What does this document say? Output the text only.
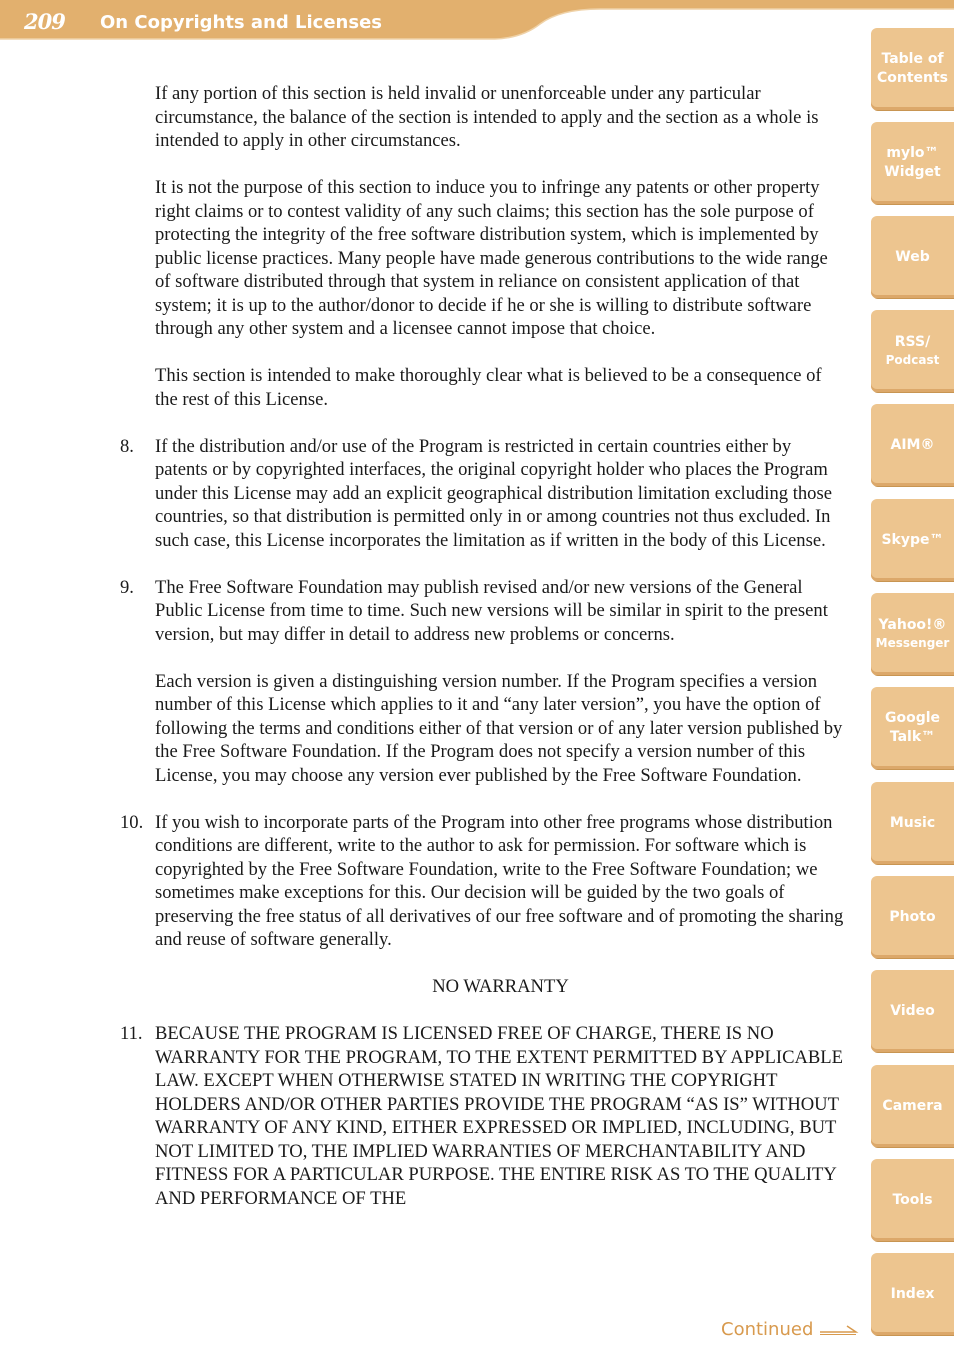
209 On Copyrights and Licenses

If any portion of this section is held invalid or unenforceable under any particular circumstance, the balance of the section is intended to apply and the section as a whole is intended to apply in other circumstances.

It is not the purpose of this section to induce you to infringe any patents or other property right claims or to contest validity of any such claims; this section has the sole purpose of protecting the integrity of the free software distribution system, which is implemented by public license practices. Many people have made generous contributions to the wide range of software distributed through that system in reliance on consistent application of that system; it is up to the author/donor to decide if he or she is willing to distribute software through any other system and a licensee cannot impose that choice.

This section is intended to make thoroughly clear what is believed to be a consequence of the rest of this License.

8.	If the distribution and/or use of the Program is restricted in certain countries either by patents or by copyrighted interfaces, the original copyright holder who places the Program under this License may add an explicit geographical distribution limitation excluding those countries, so that distribution is permitted only in or among countries not thus excluded. In such case, this License incorporates the limitation as if written in the body of this License.

9.	The Free Software Foundation may publish revised and/or new versions of the General Public License from time to time. Such new versions will be similar in spirit to the present version, but may differ in detail to address new problems or concerns.

Each version is given a distinguishing version number. If the Program specifies a version number of this License which applies to it and “any later version”, you have the option of following the terms and conditions either of that version or of any later version published by the Free Software Foundation. If the Program does not specify a version number of this License, you may choose any version ever published by the Free Software Foundation.

10. If you wish to incorporate parts of the Program into other free programs whose distribution conditions are different, write to the author to ask for permission. For software which is copyrighted by the Free Software Foundation, write to the Free Software Foundation; we sometimes make exceptions for this. Our decision will be guided by the two goals of preserving the free status of all derivatives of our free software and of promoting the sharing and reuse of software generally.

NO WARRANTY

11. BECAUSE THE PROGRAM IS LICENSED FREE OF CHARGE, THERE IS NO WARRANTY FOR THE PROGRAM, TO THE EXTENT PERMITTED BY APPLICABLE LAW. EXCEPT WHEN OTHERWISE STATED IN WRITING THE COPYRIGHT HOLDERS AND/OR OTHER PARTIES PROVIDE THE PROGRAM “AS IS” WITHOUT WARRANTY OF ANY KIND, EITHER EXPRESSED OR IMPLIED, INCLUDING, BUT NOT LIMITED TO, THE IMPLIED WARRANTIES OF MERCHANTABILITY AND FITNESS FOR A PARTICULAR PURPOSE. THE ENTIRE RISK AS TO THE QUALITY AND PERFORMANCE OF THE

Continued
Table of
Contents
mylo™
Widget
Web
RSS/
Podcast
AIM®
Skype™
Yahoo!®
Messenger
Google
Talk™
Music
Photo
Video
Camera
Tools
Index
